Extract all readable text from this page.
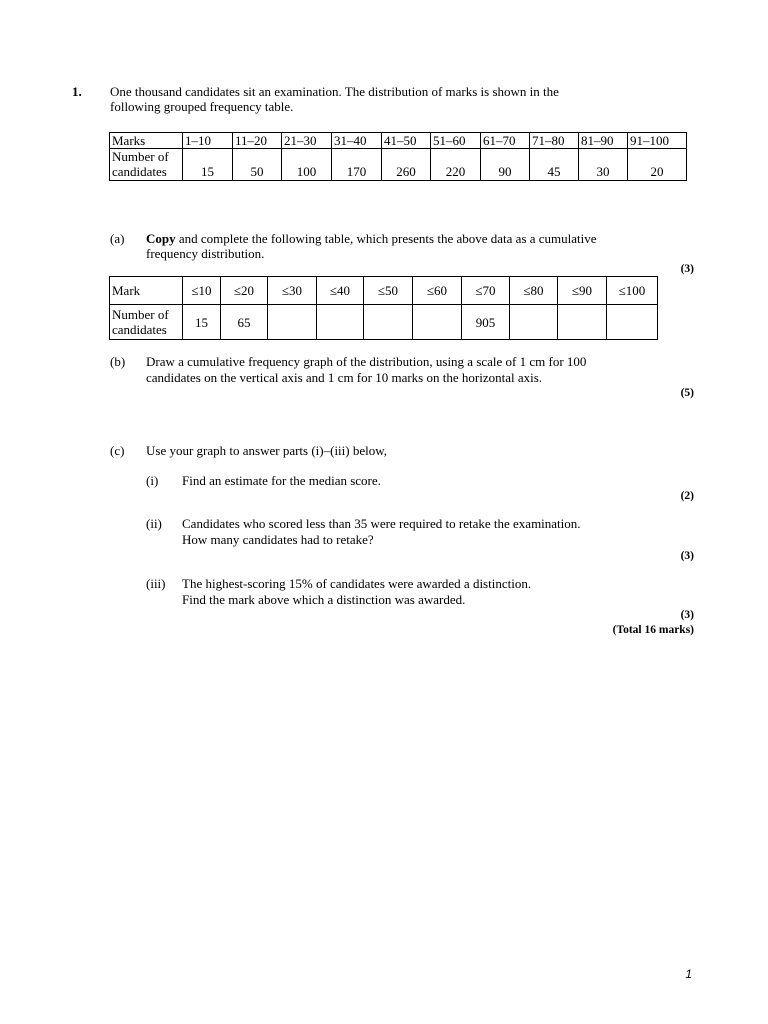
1. One thousand candidates sit an examination. The distribution of marks is shown in the
following grouped frequency table.
Marks	1–10	11–20	21–30	31–40	41–50	51–60	61–70	71–80	81–90	91–100

Number of
candidates	15	50	100	170	260	220	90	45	30	20
(a) Copy and complete the following table, which presents the above data as a cumulative
frequency distribution.
(3)
Mark	≤10	≤20	≤30	≤40	≤50	≤60	≤70	≤80	≤90	≤100

Number of
candidates	15	65					905			
(b) Draw a cumulative frequency graph of the distribution, using a scale of 1 cm for 100
candidates on the vertical axis and 1 cm for 10 marks on the horizontal axis.
(5)
(c) Use your graph to answer parts (i)–(iii) below,
(i) Find an estimate for the median score.
(2)
(ii) Candidates who scored less than 35 were required to retake the examination.
How many candidates had to retake?
(3)
(iii) The highest-scoring 15% of candidates were awarded a distinction.
Find the mark above which a distinction was awarded.
(3)
(Total 16 marks)
1
